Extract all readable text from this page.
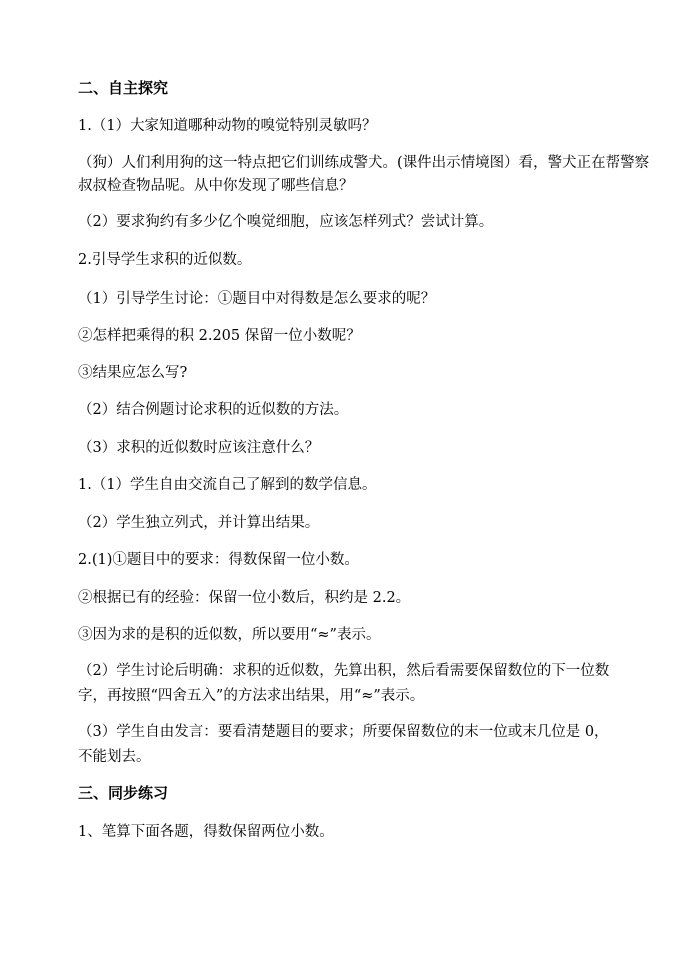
二、自主探究
1.（1）大家知道哪种动物的嗅觉特别灵敏吗？
（狗）人们利用狗的这一特点把它们训练成警犬。(课件出示情境图）看，警犬正在帮警察
叔叔检查物品呢。从中你发现了哪些信息？
（2）要求狗约有多少亿个嗅觉细胞，应该怎样列式？尝试计算。
2.引导学生求积的近似数。
（1）引导学生讨论：①题目中对得数是怎么要求的呢？
②怎样把乘得的积 2.205 保留一位小数呢？
③结果应怎么写?
（2）结合例题讨论求积的近似数的方法。
（3）求积的近似数时应该注意什么？
1.（1）学生自由交流自己了解到的数学信息。
（2）学生独立列式，并计算出结果。
2.(1)①题目中的要求：得数保留一位小数。
②根据已有的经验：保留一位小数后，积约是 2.2。
③因为求的是积的近似数，所以要用“≈”表示。
（2）学生讨论后明确：求积的近似数，先算出积，然后看需要保留数位的下一位数字，再按照“四舍五入”的方法求出结果，用“≈”表示。
（3）学生自由发言：要看清楚题目的要求；所要保留数位的末一位或末几位是 0，不能划去。
三、同步练习
1、笔算下面各题，得数保留两位小数。
